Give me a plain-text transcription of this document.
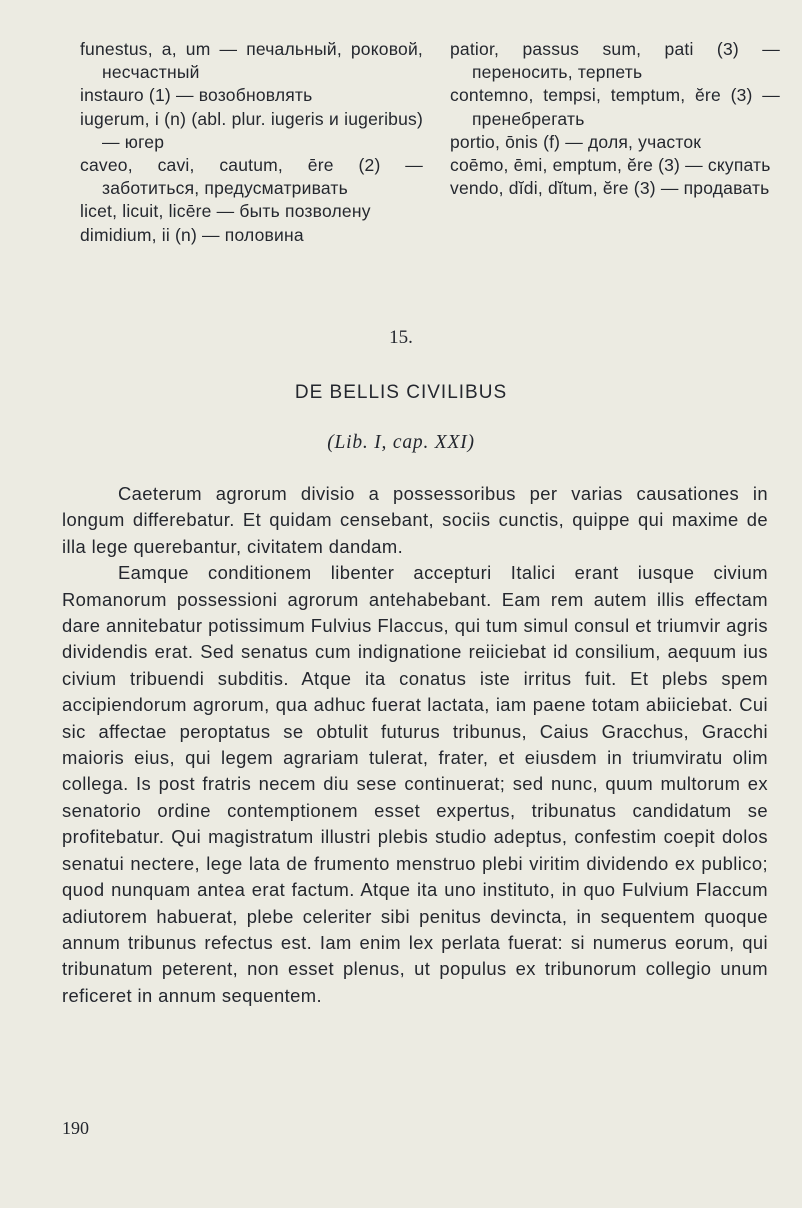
funestus, a, um — печальный, роковой, несчастный

instauro (1) — возобновлять

iugerum, i (n) (abl. plur. iugeris и iugeribus) — югер

caveo, cavi, cautum, ēre (2) — заботиться, предусматривать

licet, licuit, licēre — быть позволену

dimidium, ii (n) — половина

patior, passus sum, pati (3) — переносить, терпеть

contemno, tempsi, temptum, ĕre (3) — пренебрегать

portio, ōnis (f) — доля, участок

coēmo, ēmi, emptum, ĕre (3) — скупать

vendo, dĭdi, dĭtum, ĕre (3) — продавать

15.
DE BELLIS CIVILIBUS
(Lib. I, cap. XXI)

Caeterum agrorum divisio a possessoribus per varias causationes in longum differebatur. Et quidam censebant, sociis cunctis, quippe qui maxime de illa lege querebantur, civitatem dandam.

Eamque conditionem libenter accepturi Italici erant iusque civium Romanorum possessioni agrorum antehabebant. Eam rem autem illis effectam dare annitebatur potissimum Fulvius Flaccus, qui tum simul consul et triumvir agris dividendis erat. Sed senatus cum indignatione reiiciebat id consilium, aequum ius civium tribuendi subditis. Atque ita conatus iste irritus fuit. Et plebs spem accipiendorum agrorum, qua adhuc fuerat lactata, iam paene totam abiiciebat. Cui sic affectae peroptatus se obtulit futurus tribunus, Caius Gracchus, Gracchi maioris eius, qui legem agrariam tulerat, frater, et eiusdem in triumviratu olim collega. Is post fratris necem diu sese continuerat; sed nunc, quum multorum ex senatorio ordine contemptionem esset expertus, tribunatus candidatum se profitebatur. Qui magistratum illustri plebis studio adeptus, confestim coepit dolos senatui nectere, lege lata de frumento menstruo plebi viritim dividendo ex publico; quod nunquam antea erat factum. Atque ita uno instituto, in quo Fulvium Flaccum adiutorem habuerat, plebe celeriter sibi penitus devincta, in sequentem quoque annum tribunus refectus est. Iam enim lex perlata fuerat: si numerus eorum, qui tribunatum peterent, non esset plenus, ut populus ex tribunorum collegio unum reficeret in annum sequentem.

190
